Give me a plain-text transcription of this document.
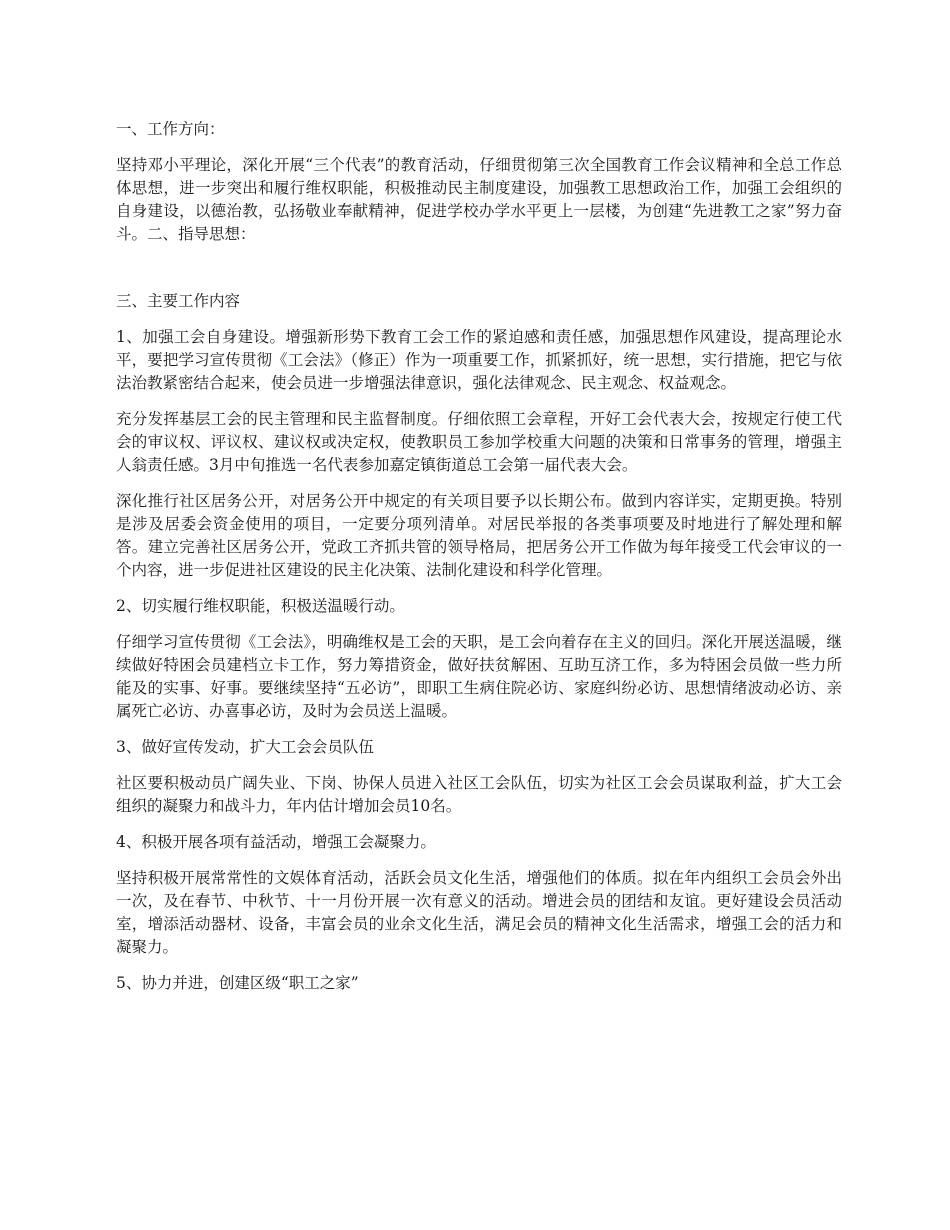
一、工作方向：

坚持邓小平理论，深化开展“三个代表”的教育活动，仔细贯彻第三次全国教育工作会议精神和全总工作总体思想，进一步突出和履行维权职能，积极推动民主制度建设，加强教工思想政治工作，加强工会组织的自身建设，以德治教，弘扬敬业奉献精神，促进学校办学水平更上一层楼，为创建“先进教工之家”努力奋斗。二、指导思想：

三、主要工作内容

1、加强工会自身建设。增强新形势下教育工会工作的紧迫感和责任感，加强思想作风建设，提高理论水平，要把学习宣传贯彻《工会法》（修正）作为一项重要工作，抓紧抓好，统一思想，实行措施，把它与依法治教紧密结合起来，使会员进一步增强法律意识，强化法律观念、民主观念、权益观念。

充分发挥基层工会的民主管理和民主监督制度。仔细依照工会章程，开好工会代表大会，按规定行使工代会的审议权、评议权、建议权或决定权，使教职员工参加学校重大问题的决策和日常事务的管理，增强主人翁责任感。3月中旬推选一名代表参加嘉定镇街道总工会第一届代表大会。

深化推行社区居务公开，对居务公开中规定的有关项目要予以长期公布。做到内容详实，定期更换。特别是涉及居委会资金使用的项目，一定要分项列清单。对居民举报的各类事项要及时地进行了解处理和解答。建立完善社区居务公开，党政工齐抓共管的领导格局，把居务公开工作做为每年接受工代会审议的一个内容，进一步促进社区建设的民主化决策、法制化建设和科学化管理。

2、切实履行维权职能，积极送温暖行动。

仔细学习宣传贯彻《工会法》，明确维权是工会的天职，是工会向着存在主义的回归。深化开展送温暖，继续做好特困会员建档立卡工作，努力筹措资金，做好扶贫解困、互助互济工作，多为特困会员做一些力所能及的实事、好事。要继续坚持“五必访”，即职工生病住院必访、家庭纠纷必访、思想情绪波动必访、亲属死亡必访、办喜事必访，及时为会员送上温暖。

3、做好宣传发动，扩大工会会员队伍

社区要积极动员广阔失业、下岗、协保人员进入社区工会队伍，切实为社区工会会员谋取利益，扩大工会组织的凝聚力和战斗力，年内估计增加会员10名。

4、积极开展各项有益活动，增强工会凝聚力。

坚持积极开展常常性的文娱体育活动，活跃会员文化生活，增强他们的体质。拟在年内组织工会员会外出一次，及在春节、中秋节、十一月份开展一次有意义的活动。增进会员的团结和友谊。更好建设会员活动室，增添活动器材、设备，丰富会员的业余文化生活，满足会员的精神文化生活需求，增强工会的活力和凝聚力。

5、协力并进，创建区级“职工之家”
